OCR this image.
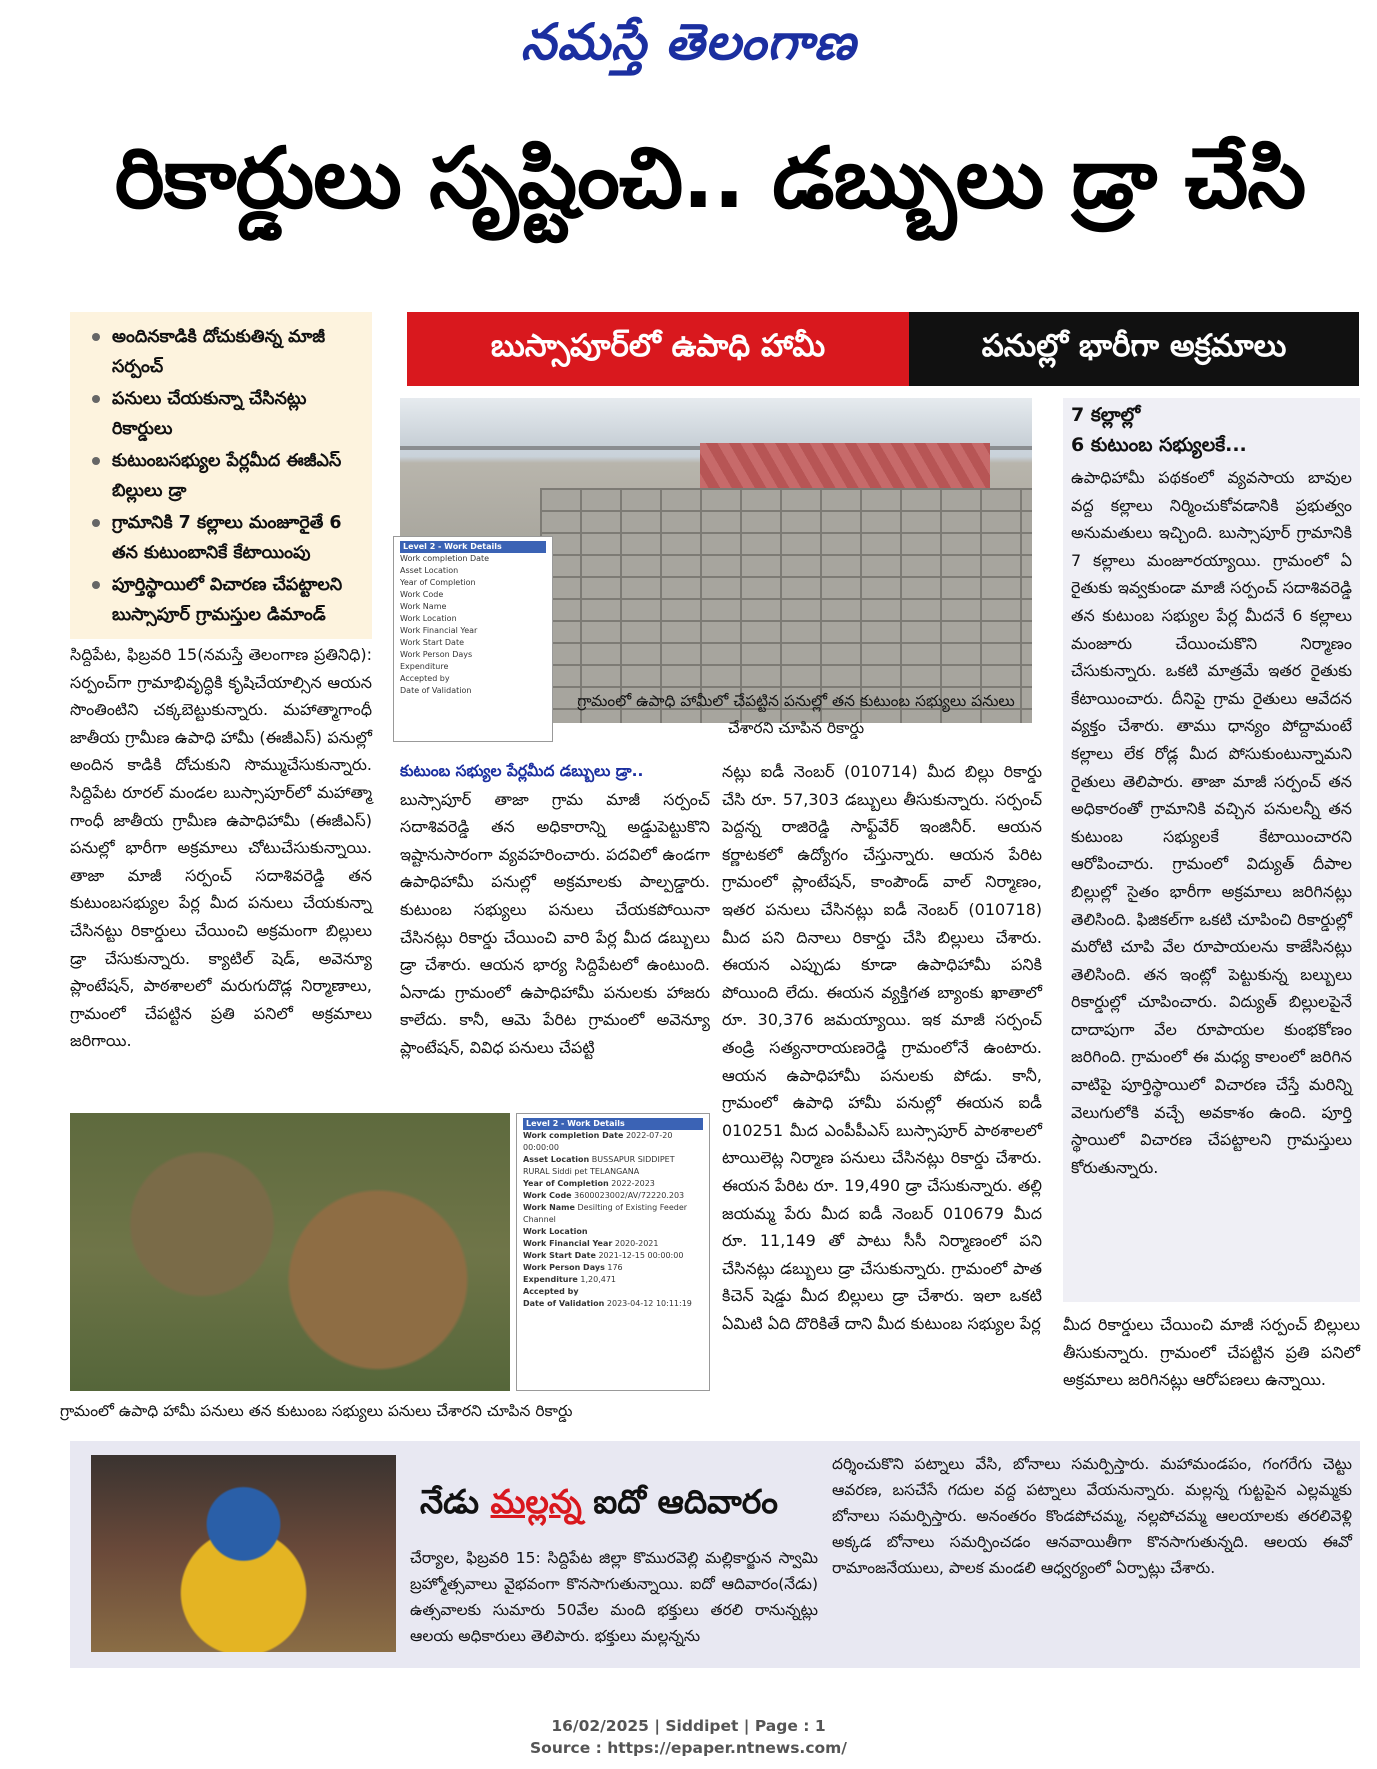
నమస్తే తెలంగాణ
రికార్డులు సృష్టించి.. డబ్బులు డ్రా చేసి
అందినకాడికి దోచుకుతిన్న మాజీ సర్పంచ్‌
పనులు చేయకున్నా చేసినట్లు రికార్డులు
కుటుంబసభ్యుల పేర్లమీద ఈజీఎస్‌ బిల్లులు డ్రా
గ్రామానికి 7 కల్లాలు మంజూరైతే 6 తన కుటుంబానికే కేటాయింపు
పూర్తిస్థాయిలో విచారణ చేపట్టాలని బుస్సాపూర్‌ గ్రామస్తుల డిమాండ్‌
బుస్సాపూర్‌లో ఉపాధి హామీ	పనుల్లో భారీగా అక్రమాలు

సిద్దిపేట, ఫిబ్రవరి 15(నమస్తే తెలంగాణ ప్రతినిధి): సర్పంచ్‌గా గ్రామాభివృద్ధికి కృషిచేయాల్సిన ఆయన సొంతింటిని చక్కబెట్టుకున్నారు. మహాత్మాగాంధీ జాతీయ గ్రామీణ ఉపాధి హామీ (ఈజీఎస్‌) పనుల్లో అందిన కాడికి దోచుకుని సొమ్ముచేసుకున్నారు. సిద్దిపేట రూరల్‌ మండల బుస్సాపూర్‌లో మహాత్మా గాంధీ జాతీయ గ్రామీణ ఉపాధిహామీ (ఈజీఎస్‌) పనుల్లో భారీగా అక్రమాలు చోటుచేసుకున్నాయి. తాజా మాజీ సర్పంచ్‌ సదాశివరెడ్డి తన కుటుంబసభ్యుల పేర్ల మీద పనులు చేయకున్నా చేసినట్టు రికార్డులు చేయించి అక్రమంగా బిల్లులు డ్రా చేసుకున్నారు. క్యాటిల్‌ షెడ్‌, అవెన్యూ ప్లాంటేషన్‌, పాఠశాలలో మరుగుదొడ్ల నిర్మాణాలు, గ్రామంలో చేపట్టిన ప్రతి పనిలో అక్రమాలు జరిగాయి.

Level 2 - Work Details
Work completion Date
Asset Location
Year of Completion
Work Code
Work Name
Work Location
Work Financial Year
Work Start Date
Work Person Days
Expenditure
Accepted by
Date of Validation
గ్రామంలో ఉపాధి హామీలో చేపట్టిన పనుల్లో తన కుటుంబ సభ్యులు పనులు చేశారని చూపిన రికార్డు

కుటుంబ సభ్యుల పేర్లమీద డబ్బులు డ్రా..

బుస్సాపూర్‌ తాజా గ్రామ మాజీ సర్పంచ్‌ సదాశివరెడ్డి తన అధికారాన్ని అడ్డుపెట్టుకొని ఇష్టానుసారంగా వ్యవహరించారు. పదవిలో ఉండగా ఉపాధిహామీ పనుల్లో అక్రమాలకు పాల్పడ్డారు. కుటుంబ సభ్యులు పనులు చేయకపోయినా చేసినట్లు రికార్డు చేయించి వారి పేర్ల మీద డబ్బులు డ్రా చేశారు. ఆయన భార్య సిద్దిపేటలో ఉంటుంది. ఏనాడు గ్రామంలో ఉపాధిహామీ పనులకు హాజరు కాలేదు. కానీ, ఆమె పేరిట గ్రామంలో అవెన్యూ ప్లాంటేషన్‌, వివిధ పనులు చేపట్టి

నట్లు ఐడీ నెంబర్‌ (010714) మీద బిల్లు రికార్డు చేసి రూ. 57,303 డబ్బులు తీసుకున్నారు. సర్పంచ్‌ పెద్దన్న రాజిరెడ్డి సాఫ్ట్‌వేర్‌ ఇంజినీర్‌. ఆయన కర్ణాటకలో ఉద్యోగం చేస్తున్నారు. ఆయన పేరిట గ్రామంలో ప్లాంటేషన్‌, కాంపౌండ్‌ వాల్‌ నిర్మాణం, ఇతర పనులు చేసినట్లు ఐడీ నెంబర్‌ (010718) మీద పని దినాలు రికార్డు చేసి బిల్లులు చేశారు. ఈయన ఎప్పుడు కూడా ఉపాధిహామీ పనికి పోయింది లేదు. ఈయన వ్యక్తిగత బ్యాంకు ఖాతాలో రూ. 30,376 జమయ్యాయి. ఇక మాజీ సర్పంచ్‌ తండ్రి సత్యనారాయణరెడ్డి గ్రామంలోనే ఉంటారు. ఆయన ఉపాధిహామీ పనులకు పోడు. కానీ, గ్రామంలో ఉపాధి హామీ పనుల్లో ఈయన ఐడీ 010251 మీద ఎంపీపీఎస్‌ బుస్సాపూర్‌ పాఠశాలలో టాయిలెట్ల నిర్మాణ పనులు చేసినట్లు రికార్డు చేశారు. ఈయన పేరిట రూ. 19,490 డ్రా చేసుకున్నారు. తల్లి జయమ్మ పేరు మీద ఐడీ నెంబర్‌ 010679 మీద రూ. 11,149 తో పాటు సీసీ నిర్మాణంలో పని చేసినట్లు డబ్బులు డ్రా చేసుకున్నారు. గ్రామంలో పాత కిచెన్‌ షెడ్డు మీద బిల్లులు డ్రా చేశారు. ఇలా ఒకటి ఏమిటి ఏది దొరికితే దాని మీద కుటుంబ సభ్యుల పేర్ల

7 కల్లాల్లో
6 కుటుంబ సభ్యులకే...

ఉపాధిహామీ పథకంలో వ్యవసాయ బావుల వద్ద కల్లాలు నిర్మించుకోవడానికి ప్రభుత్వం అనుమతులు ఇచ్చింది. బుస్సాపూర్‌ గ్రామానికి 7 కల్లాలు మంజూరయ్యాయి. గ్రామంలో ఏ రైతుకు ఇవ్వకుండా మాజీ సర్పంచ్‌ సదాశివరెడ్డి తన కుటుంబ సభ్యుల పేర్ల మీదనే 6 కల్లాలు మంజూరు చేయించుకొని నిర్మాణం చేసుకున్నారు. ఒకటి మాత్రమే ఇతర రైతుకు కేటాయించారు. దీనిపై గ్రామ రైతులు ఆవేదన వ్యక్తం చేశారు. తాము ధాన్యం పోద్దామంటే కల్లాలు లేక రోడ్ల మీద పోసుకుంటున్నామని రైతులు తెలిపారు. తాజా మాజీ సర్పంచ్‌ తన అధికారంతో గ్రామానికి వచ్చిన పనులన్నీ తన కుటుంబ సభ్యులకే కేటాయించారని ఆరోపించారు. గ్రామంలో విద్యుత్‌ దీపాల బిల్లుల్లో సైతం భారీగా అక్రమాలు జరిగినట్లు తెలిసింది. ఫిజికల్‌గా ఒకటి చూపించి రికార్డుల్లో మరోటి చూపి వేల రూపాయలను కాజేసినట్లు తెలిసింది. తన ఇంట్లో పెట్టుకున్న బల్బులు రికార్డుల్లో చూపించారు. విద్యుత్‌ బిల్లులపైనే దాదాపుగా వేల రూపాయల కుంభకోణం జరిగింది. గ్రామంలో ఈ మధ్య కాలంలో జరిగిన వాటిపై పూర్తిస్థాయిలో విచారణ చేస్తే మరిన్ని వెలుగులోకి వచ్చే అవకాశం ఉంది. పూర్తి స్థాయిలో విచారణ చేపట్టాలని గ్రామస్తులు కోరుతున్నారు.

మీద రికార్డులు చేయించి మాజీ సర్పంచ్‌ బిల్లులు తీసుకున్నారు. గ్రామంలో చేపట్టిన ప్రతి పనిలో అక్రమాలు జరిగినట్లు ఆరోపణలు ఉన్నాయి.

Level 2 - Work Details
Work completion Date 2022-07-20 00:00:00
Asset Location BUSSAPUR SIDDIPET RURAL Siddi pet TELANGANA
Year of Completion 2022-2023
Work Code 3600023002/AV/72220.203
Work Name Desilting of Existing Feeder Channel
Work Location
Work Financial Year 2020-2021
Work Start Date 2021-12-15 00:00:00
Work Person Days 176
Expenditure 1,20,471
Accepted by
Date of Validation 2023-04-12 10:11:19
గ్రామంలో ఉపాధి హామీ పనులు తన కుటుంబ సభ్యులు పనులు చేశారని చూపిన రికార్డు
నేడు మల్లన్న ఐదో ఆదివారం

చేర్యాల, ఫిబ్రవరి 15: సిద్దిపేట జిల్లా కొమురవెల్లి మల్లికార్జున స్వామి బ్రహ్మోత్సవాలు వైభవంగా కొనసాగుతున్నాయి. ఐదో ఆదివారం(నేడు) ఉత్సవాలకు సుమారు 50వేల మంది భక్తులు తరలి రానున్నట్లు ఆలయ అధికారులు తెలిపారు. భక్తులు మల్లన్నను

దర్శించుకొని పట్నాలు వేసి, బోనాలు సమర్పిస్తారు. మహామండపం, గంగరేగు చెట్టు ఆవరణ, బసచేసే గదుల వద్ద పట్నాలు వేయనున్నారు. మల్లన్న గుట్టపైన ఎల్లమ్మకు బోనాలు సమర్పిస్తారు. అనంతరం కొండపోచమ్మ, నల్లపోచమ్మ ఆలయాలకు తరలివెళ్లి అక్కడ బోనాలు సమర్పించడం ఆనవాయితీగా కొనసాగుతున్నది. ఆలయ ఈవో రామాంజనేయులు, పాలక మండలి ఆధ్వర్యంలో ఏర్పాట్లు చేశారు.

16/02/2025 | Siddipet | Page : 1
Source : https://epaper.ntnews.com/
